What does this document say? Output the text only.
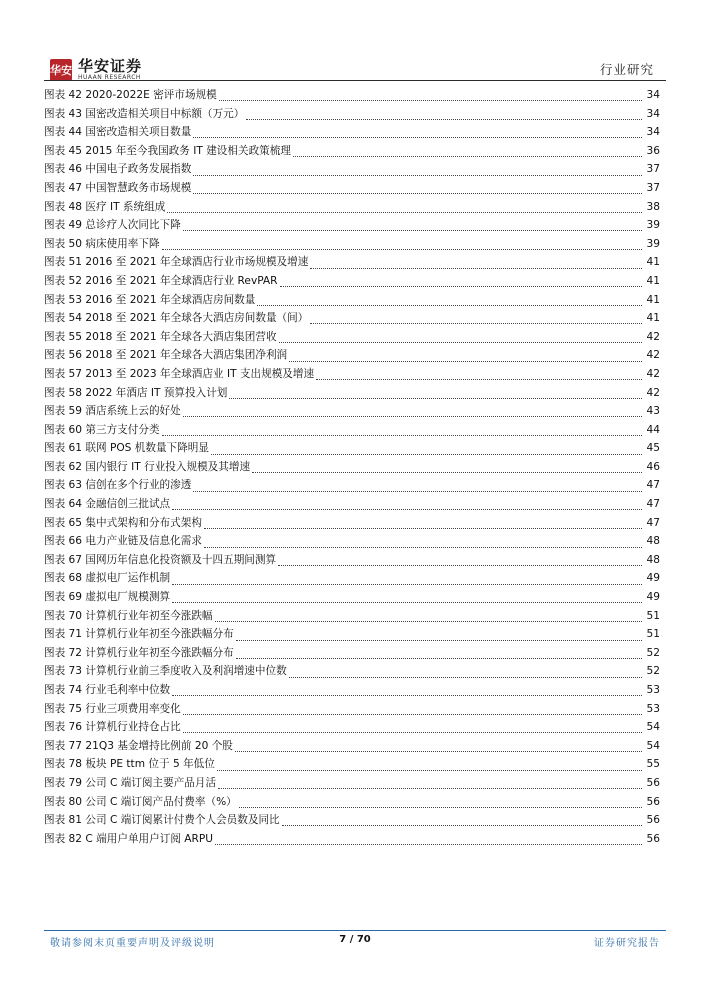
华安 华安证券
HUAAN RESEARCH
行业研究
图表 42 2020-2022E 密评市场规模	34
图表 43 国密改造相关项目中标额（万元）	34
图表 44 国密改造相关项目数量	34
图表 45 2015 年至今我国政务 IT 建设相关政策梳理	36
图表 46 中国电子政务发展指数	37
图表 47 中国智慧政务市场规模	37
图表 48 医疗 IT 系统组成	38
图表 49 总诊疗人次同比下降	39
图表 50 病床使用率下降	39
图表 51 2016 至 2021 年全球酒店行业市场规模及增速	41
图表 52 2016 至 2021 年全球酒店行业 RevPAR	41
图表 53 2016 至 2021 年全球酒店房间数量	41
图表 54 2018 至 2021 年全球各大酒店房间数量（间）	41
图表 55 2018 至 2021 年全球各大酒店集团营收	42
图表 56 2018 至 2021 年全球各大酒店集团净利润	42
图表 57 2013 至 2023 年全球酒店业 IT 支出规模及增速	42
图表 58 2022 年酒店 IT 预算投入计划	42
图表 59 酒店系统上云的好处	43
图表 60 第三方支付分类	44
图表 61 联网 POS 机数量下降明显	45
图表 62 国内银行 IT 行业投入规模及其增速	46
图表 63 信创在多个行业的渗透	47
图表 64 金融信创三批试点	47
图表 65 集中式架构和分布式架构	47
图表 66 电力产业链及信息化需求	48
图表 67 国网历年信息化投资额及十四五期间测算	48
图表 68 虚拟电厂运作机制	49
图表 69 虚拟电厂规模测算	49
图表 70 计算机行业年初至今涨跌幅	51
图表 71 计算机行业年初至今涨跌幅分布	51
图表 72 计算机行业年初至今涨跌幅分布	52
图表 73 计算机行业前三季度收入及利润增速中位数	52
图表 74 行业毛利率中位数	53
图表 75 行业三项费用率变化	53
图表 76 计算机行业持仓占比	54
图表 77 21Q3 基金增持比例前 20 个股	54
图表 78 板块 PE ttm 位于 5 年低位	55
图表 79 公司 C 端订阅主要产品月活	56
图表 80 公司 C 端订阅产品付费率（%）	56
图表 81 公司 C 端订阅累计付费个人会员数及同比	56
图表 82 C 端用户单用户订阅 ARPU	56
敬请参阅末页重要声明及评级说明	7 / 70	证券研究报告
